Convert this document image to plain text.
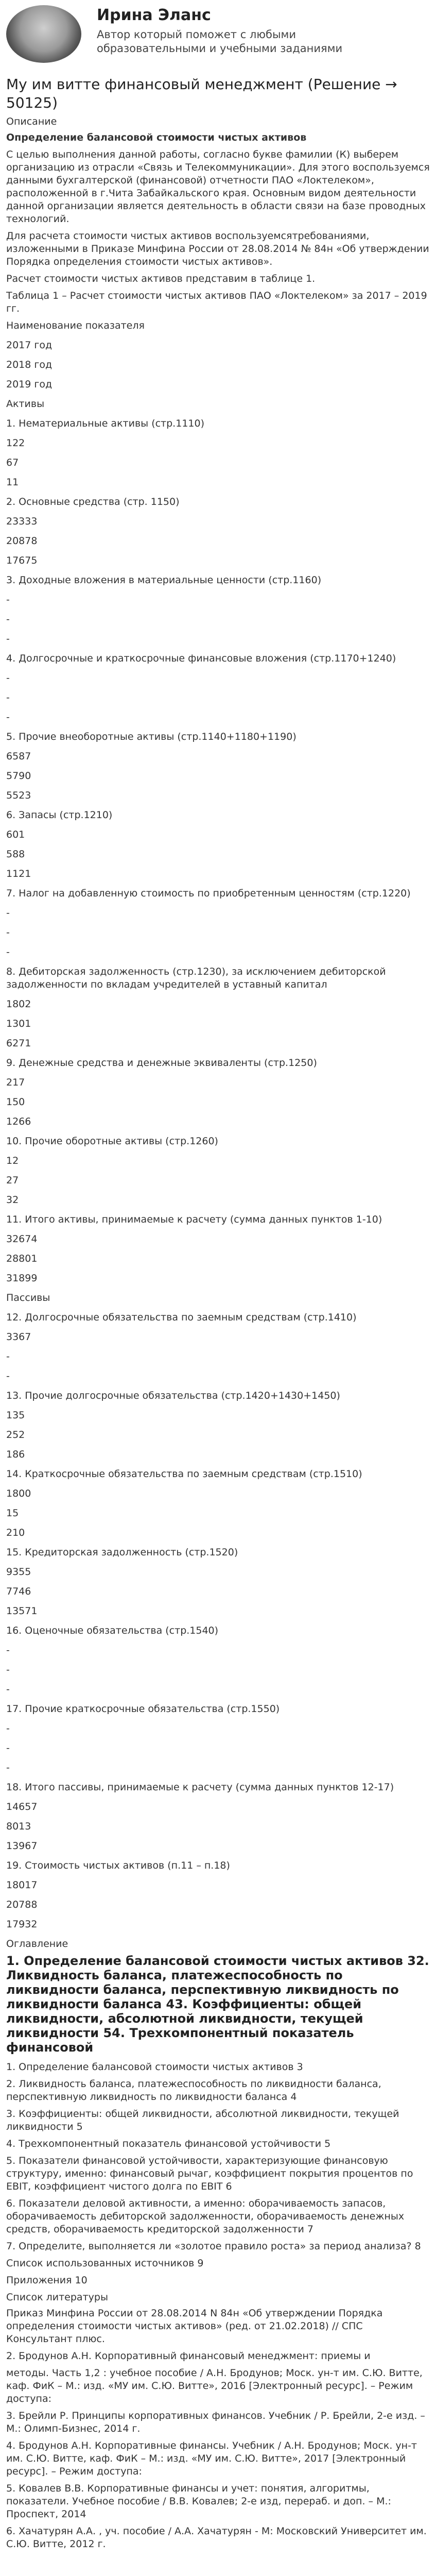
Ирина Эланс
Автор который поможет с любыми образовательными и учебными заданиями
Му им витте финансовый менеджмент (Решение → 50125)
Описание
Определение балансовой стоимости чистых активов

С целью выполнения данной работы, согласно букве фамилии (К) выберем организацию из отрасли «Связь и Телекоммуникации». Для этого воспользуемся данными бухгалтерской (финансовой) отчетности ПАО «Локтелеком», расположенной в г.Чита Забайкальского края. Основным видом деятельности данной организации является деятельность в области связи на базе проводных технологий.

Для расчета стоимости чистых активов воспользуемсятребованиями, изложенными в Приказе Минфина России от 28.08.2014 № 84н «Об утверждении Порядка определения стоимости чистых активов».

Расчет стоимости чистых активов представим в таблице 1.

Таблица 1 – Расчет стоимости чистых активов ПАО «Локтелеком» за 2017 – 2019 гг.

Наименование показателя
2017 год
2018 год
2019 год
Активы
1. Нематериальные активы (стр.1110)
122
67
11
2. Основные средства (стр. 1150)
23333
20878
17675
3. Доходные вложения в материальные ценности (стр.1160)
-
-
-
4. Долгосрочные и краткосрочные финансовые вложения (стр.1170+1240)
-
-
-
5. Прочие внеоборотные активы (стр.1140+1180+1190)
6587
5790
5523
6. Запасы (стр.1210)
601
588
1121
7. Налог на добавленную стоимость по приобретенным ценностям (стр.1220)
-
-
-
8. Дебиторская задолженность (стр.1230), за исключением дебиторской задолженности по вкладам учредителей в уставный капитал
1802
1301
6271
9. Денежные средства и денежные эквиваленты (стр.1250)
217
150
1266
10. Прочие оборотные активы (стр.1260)
12
27
32
11. Итого активы, принимаемые к расчету (сумма данных пунктов 1-10)
32674
28801
31899
Пассивы
12. Долгосрочные обязательства по заемным средствам (стр.1410)
3367
-
-
13. Прочие долгосрочные обязательства (стр.1420+1430+1450)
135
252
186
14. Краткосрочные обязательства по заемным средствам (стр.1510)
1800
15
210
15. Кредиторская задолженность (стр.1520)
9355
7746
13571
16. Оценочные обязательства (стр.1540)
-
-
-
17. Прочие краткосрочные обязательства (стр.1550)
-
-
-
18. Итого пассивы, принимаемые к расчету (сумма данных пунктов 12-17)
14657
8013
13967
19. Стоимость чистых активов (п.11 – п.18)
18017
20788
17932
Оглавление
1. Определение балансовой стоимости чистых активов 32. Ликвидность баланса, платежеспособность по ликвидности баланса, перспективную ликвидность по ликвидности баланса 43. Коэффициенты: общей ликвидности, абсолютной ликвидности, текущей ликвидности 54. Трехкомпонентный показатель финансовой

1. Определение балансовой стоимости чистых активов 3

2. Ликвидность баланса, платежеспособность по ликвидности баланса, перспективную ликвидность по ликвидности баланса 4

3. Коэффициенты: общей ликвидности, абсолютной ликвидности, текущей ликвидности 5

4. Трехкомпонентный показатель финансовой устойчивости 5

5. Показатели финансовой устойчивости, характеризующие финансовую структуру, именно: финансовый рычаг, коэффициент покрытия процентов по EBIT, коэффициент чистого долга по EBIT 6

6. Показатели деловой активности, а именно: оборачиваемость запасов, оборачиваемость дебиторской задолженности, оборачиваемость денежных средств, оборачиваемость кредиторской задолженности 7

7. Определите, выполняется ли «золотое правило роста» за период анализа? 8

Список использованных источников 9

Приложения 10

Список литературы

Приказ Минфина России от 28.08.2014 N 84н «Об утверждении Порядка определения стоимости чистых активов» (ред. от 21.02.2018) // СПС Консультант плюс.

2. Бродунов А.Н. Корпоративный финансовый менеджмент: приемы и

методы. Часть 1,2 : учебное пособие / А.Н. Бродунов; Моск. ун-т им. С.Ю. Витте, каф. ФиК – М.: изд. «МУ им. С.Ю. Витте», 2016 [Электронный ресурс]. – Режим доступа:

3. Брейли Р. Принципы корпоративных финансов. Учебник / Р. Брейли, 2-е изд. – М.: Олимп-Бизнес, 2014 г.

4. Бродунов А.Н. Корпоративные финансы. Учебник / А.Н. Бродунов; Моск. ун-т им. С.Ю. Витте, каф. ФиК – М.: изд. «МУ им. С.Ю. Витте», 2017 [Электронный ресурс]. – Режим доступа:

5. Ковалев В.В. Корпоративные финансы и учет: понятия, алгоритмы, показатели. Учебное пособие / В.В. Ковалев; 2-е изд, перераб. и доп. – М.: Проспект, 2014

6. Хачатурян А.А. , уч. пособие / А.А. Хачатурян - М: Московский Университет им. С.Ю. Витте, 2012 г.
